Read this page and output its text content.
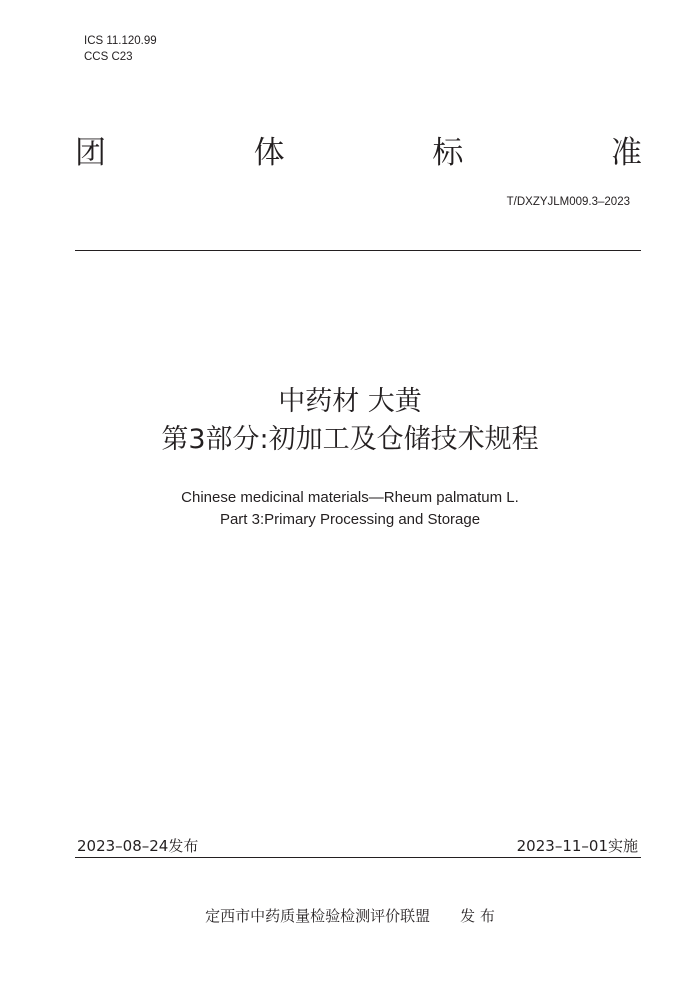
ICS 11.120.99
CCS C23
团	体	标	准
T/DXZYJLM009.3–2023
中药材 大黄
第3部分:初加工及仓储技术规程
Chinese medicinal materials—Rheum palmatum L.
Part 3:Primary Processing and Storage
2023–08–24发布	2023–11–01实施
定西市中药质量检验检测评价联盟 发 布
